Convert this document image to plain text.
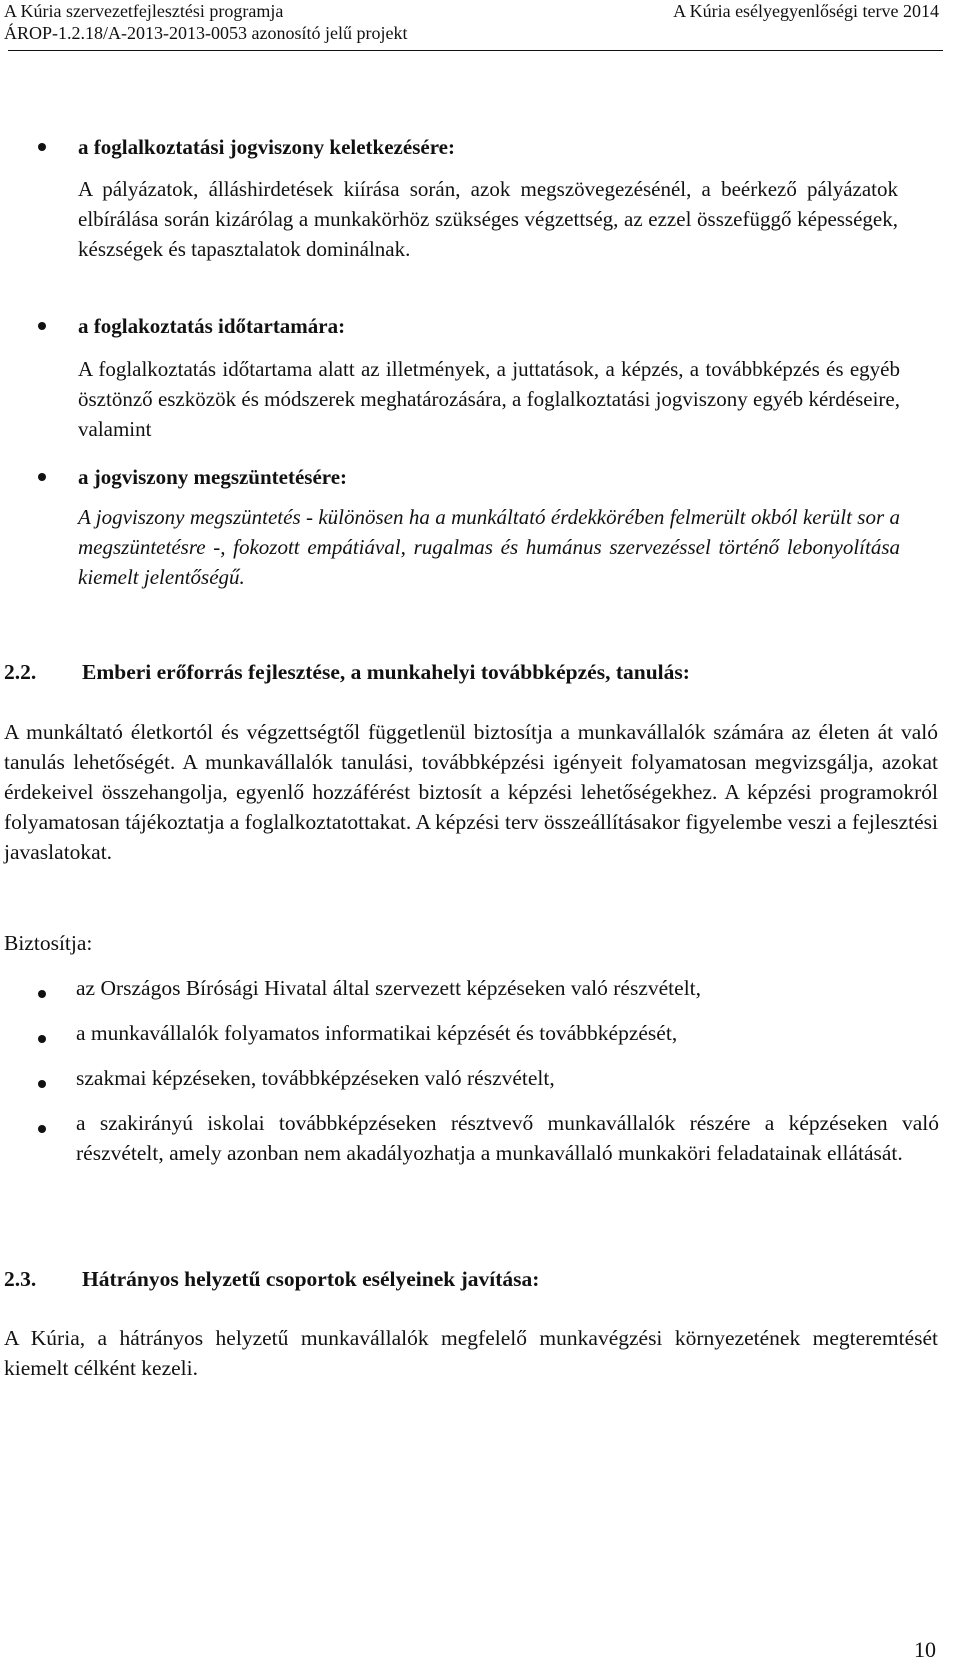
A Kúria szervezetfejlesztési programja	A Kúria esélyegyenlőségi terve 2014
ÁROP-1.2.18/A-2013-2013-0053 azonosító jelű projekt
a foglalkoztatási jogviszony keletkezésére:
A pályázatok, álláshirdetések kiírása során, azok megszövegezésénél, a beérkező pályázatok elbírálása során kizárólag a munkakörhöz szükséges végzettség, az ezzel összefüggő képességek, készségek és tapasztalatok dominálnak.
a foglakoztatás időtartamára:
A foglalkoztatás időtartama alatt az illetmények, a juttatások, a képzés, a továbbképzés és egyéb ösztönző eszközök és módszerek meghatározására, a foglalkoztatási jogviszony egyéb kérdéseire, valamint
a jogviszony megszüntetésére:
A jogviszony megszüntetés - különösen ha a munkáltató érdekkörében felmerült okból került sor a megszüntetésre -, fokozott empátiával, rugalmas és humánus szervezéssel történő lebonyolítása kiemelt jelentőségű.
2.2. Emberi erőforrás fejlesztése, a munkahelyi továbbképzés, tanulás:
A munkáltató életkortól és végzettségtől függetlenül biztosítja a munkavállalók számára az életen át való tanulás lehetőségét. A munkavállalók tanulási, továbbképzési igényeit folyamatosan megvizsgálja, azokat érdekeivel összehangolja, egyenlő hozzáférést biztosít a képzési lehetőségekhez. A képzési programokról folyamatosan tájékoztatja a foglalkoztatottakat. A képzési terv összeállításakor figyelembe veszi a fejlesztési javaslatokat.
Biztosítja:
az Országos Bírósági Hivatal által szervezett képzéseken való részvételt,
a munkavállalók folyamatos informatikai képzését és továbbképzését,
szakmai képzéseken, továbbképzéseken való részvételt,
a szakirányú iskolai továbbképzéseken résztvevő munkavállalók részére a képzéseken való részvételt, amely azonban nem akadályozhatja a munkavállaló munkaköri feladatainak ellátását.
2.3. Hátrányos helyzetű csoportok esélyeinek javítása:
A Kúria, a hátrányos helyzetű munkavállalók megfelelő munkavégzési környezetének megteremtését kiemelt célként kezeli.
10
